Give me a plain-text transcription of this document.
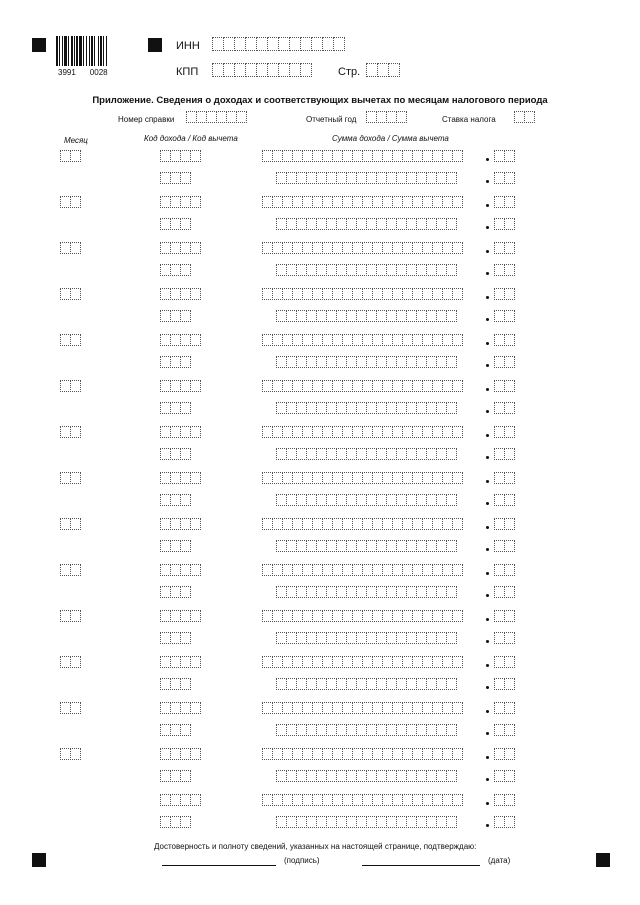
3991 0028
ИНН
КПП	Стр.
Приложение. Сведения о доходах и соответствующих вычетах по месяцам налогового периода
Номер справки	Отчетный год	Ставка налога
Месяц	Код дохода / Код вычета	Сумма дохода / Сумма вычета
Достоверность и полноту сведений, указанных на настоящей странице, подтверждаю:
(подпись)	(дата)
